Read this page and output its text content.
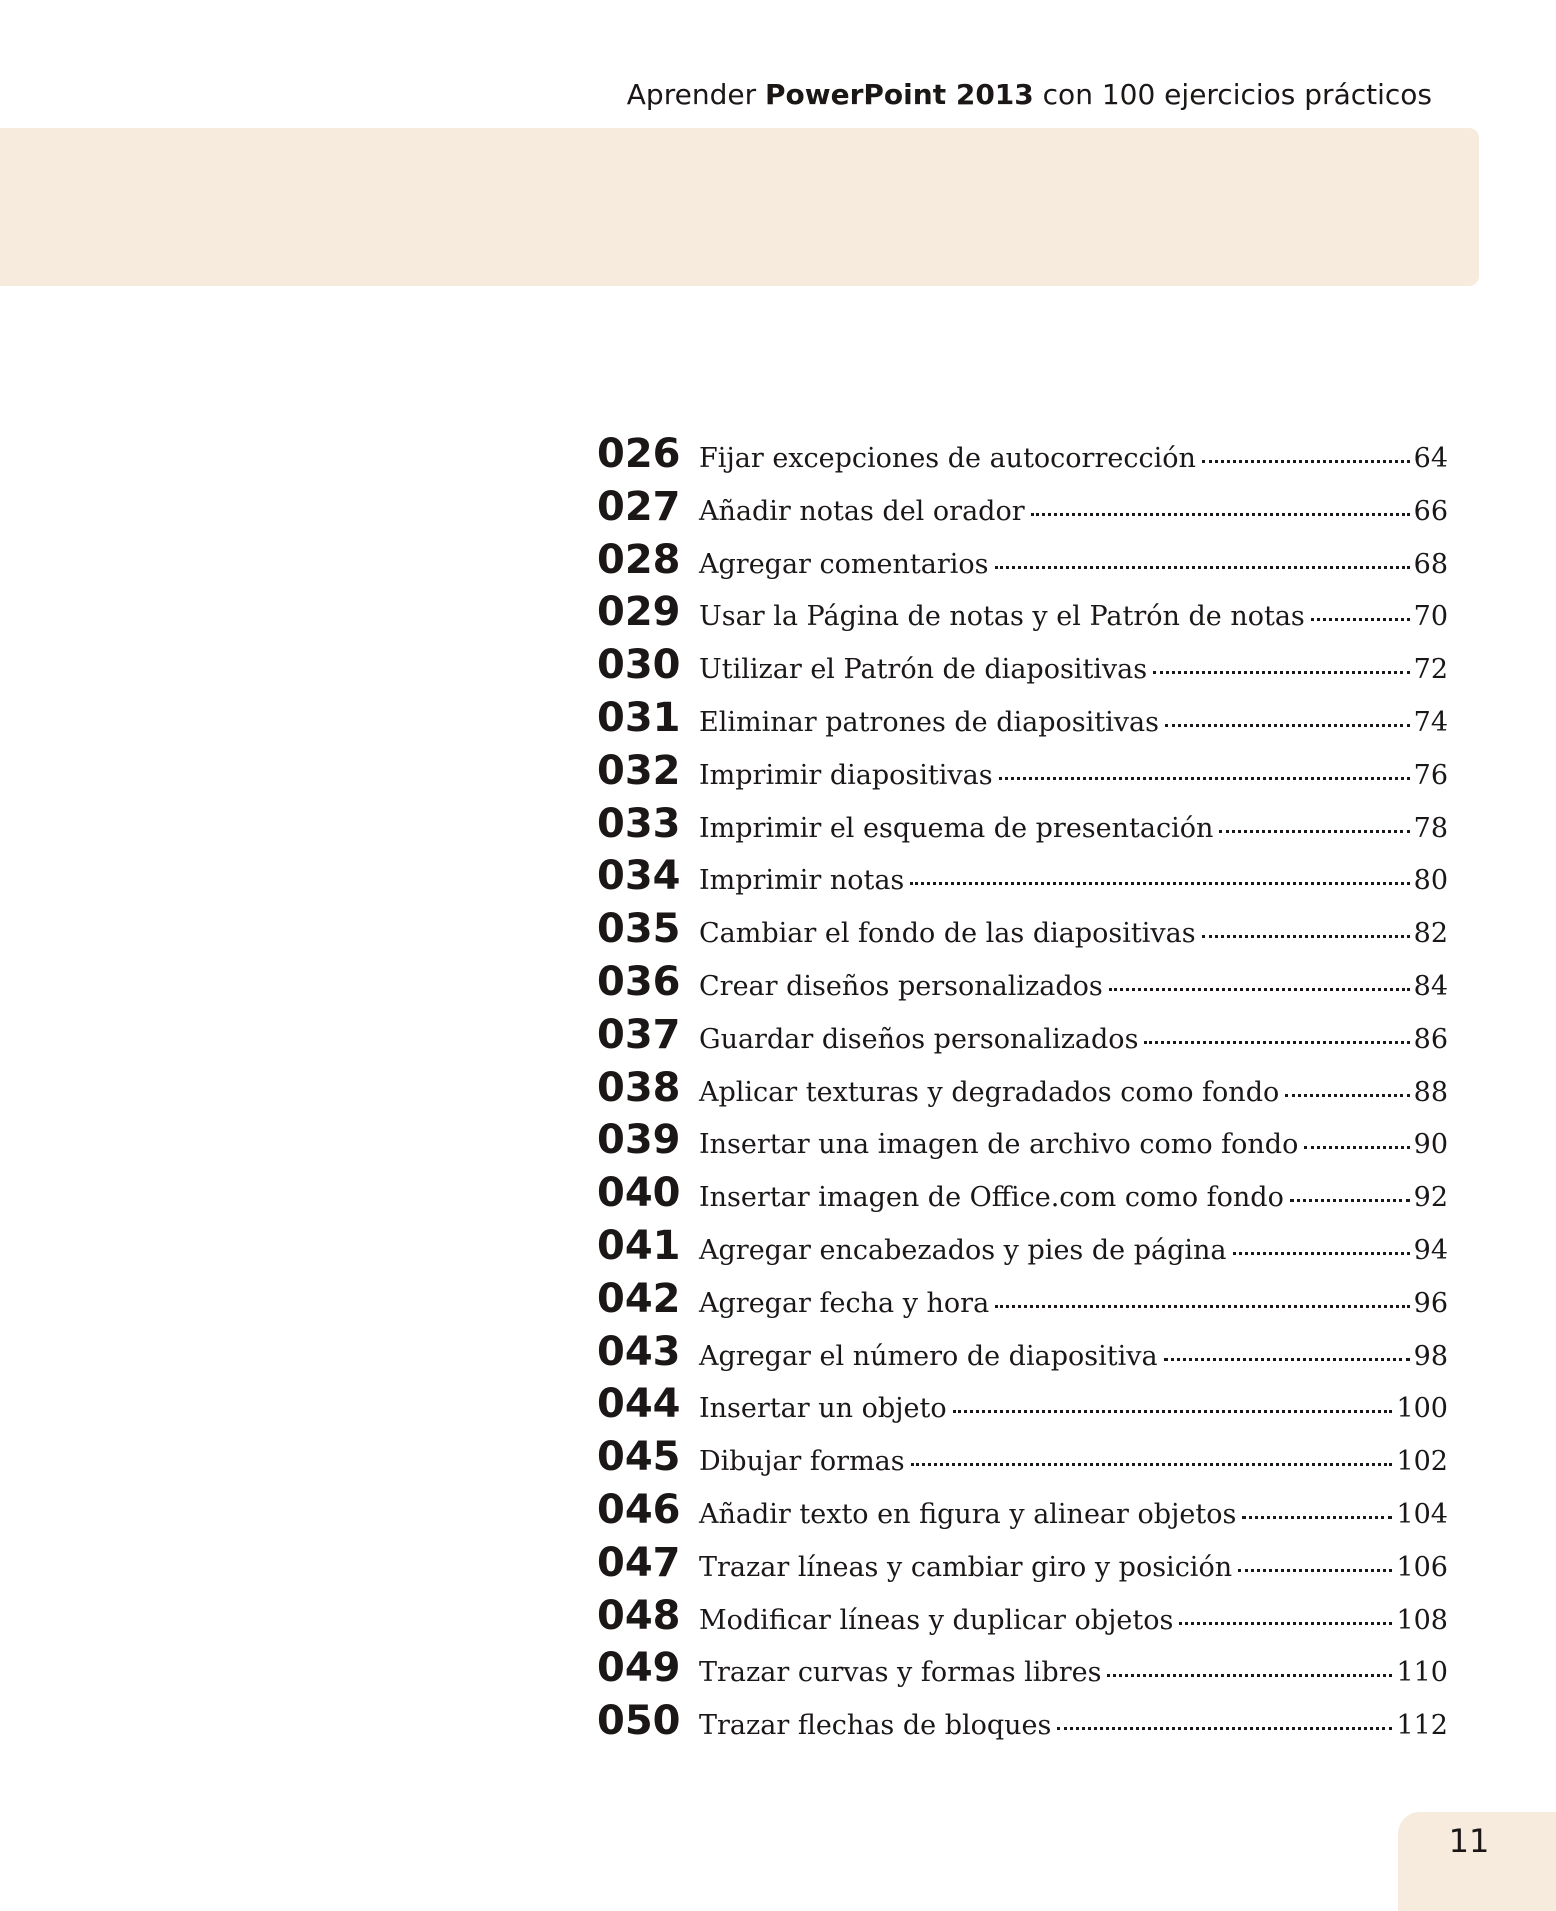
Aprender PowerPoint 2013 con 100 ejercicios prácticos
026 Fijar excepciones de autocorrección	64
027 Añadir notas del orador	66
028 Agregar comentarios	68
029 Usar la Página de notas y el Patrón de notas	70
030 Utilizar el Patrón de diapositivas	72
031 Eliminar patrones de diapositivas	74
032 Imprimir diapositivas	76
033 Imprimir el esquema de presentación	78
034 Imprimir notas	80
035 Cambiar el fondo de las diapositivas	82
036 Crear diseños personalizados	84
037 Guardar diseños personalizados	86
038 Aplicar texturas y degradados como fondo	88
039 Insertar una imagen de archivo como fondo	90
040 Insertar imagen de Office.com como fondo	92
041 Agregar encabezados y pies de página	94
042 Agregar fecha y hora	96
043 Agregar el número de diapositiva	98
044 Insertar un objeto	100
045 Dibujar formas	102
046 Añadir texto en figura y alinear objetos	104
047 Trazar líneas y cambiar giro y posición	106
048 Modificar líneas y duplicar objetos	108
049 Trazar curvas y formas libres	110
050 Trazar flechas de bloques	112
11
